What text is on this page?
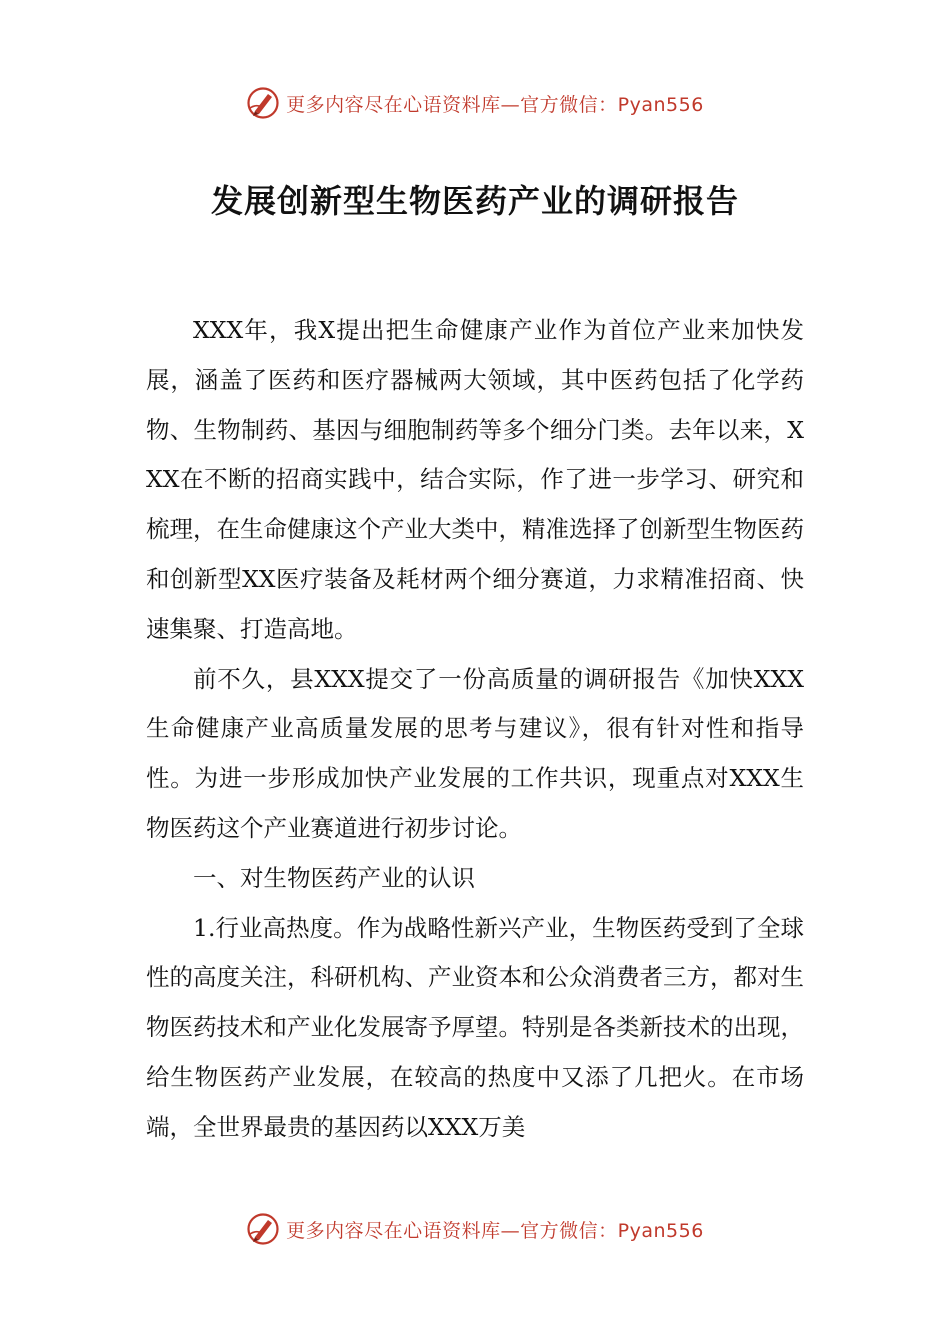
更多内容尽在心语资料库—官方微信：Pyan556
发展创新型生物医药产业的调研报告

XXX年，我X提出把生命健康产业作为首位产业来加快发展，涵盖了医药和医疗器械两大领域，其中医药包括了化学药物、生物制药、基因与细胞制药等多个细分门类。去年以来，XXX在不断的招商实践中，结合实际，作了进一步学习、研究和梳理，在生命健康这个产业大类中，精准选择了创新型生物医药和创新型XX医疗装备及耗材两个细分赛道，力求精准招商、快速集聚、打造高地。

前不久，县XXX提交了一份高质量的调研报告《加快XXX生命健康产业高质量发展的思考与建议》，很有针对性和指导性。为进一步形成加快产业发展的工作共识，现重点对XXX生物医药这个产业赛道进行初步讨论。

一、对生物医药产业的认识

1.行业高热度。作为战略性新兴产业，生物医药受到了全球性的高度关注，科研机构、产业资本和公众消费者三方，都对生物医药技术和产业化发展寄予厚望。特别是各类新技术的出现，给生物医药产业发展，在较高的热度中又添了几把火。在市场端，全世界最贵的基因药以XXX万美

更多内容尽在心语资料库—官方微信：Pyan556
